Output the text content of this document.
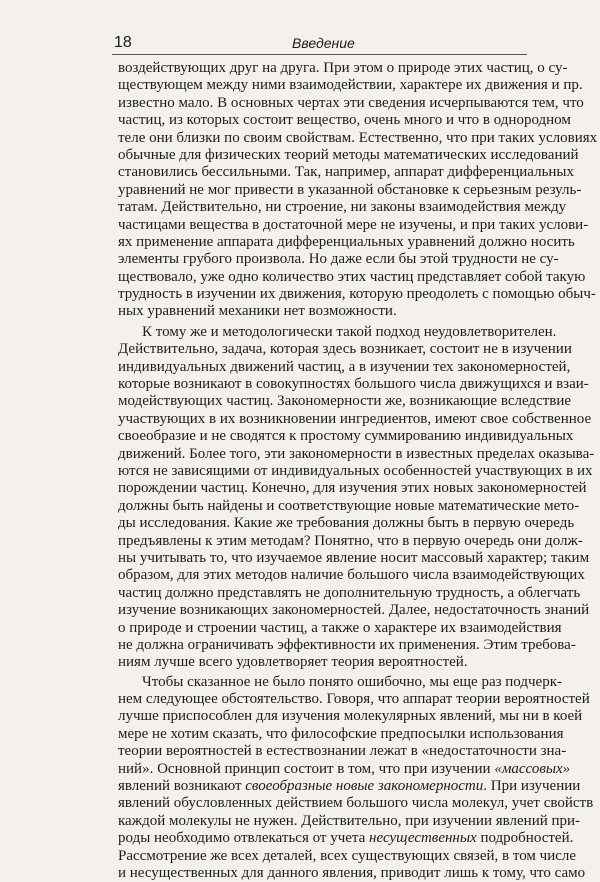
18	Введение
воздействующих друг на друга. При этом о природе этих частиц, о су-
ществующем между ними взаимодействии, характере их движения и пр.
известно мало. В основных чертах эти сведения исчерпываются тем, что
частиц, из которых состоит вещество, очень много и что в однородном
теле они близки по своим свойствам. Естественно, что при таких условиях
обычные для физических теорий методы математических исследований
становились бессильными. Так, например, аппарат дифференциальных
уравнений не мог привести в указанной обстановке к серьезным резуль-
татам. Действительно, ни строение, ни законы взаимодействия между
частицами вещества в достаточной мере не изучены, и при таких услови-
ях применение аппарата дифференциальных уравнений должно носить
элементы грубого произвола. Но даже если бы этой трудности не су-
ществовало, уже одно количество этих частиц представляет собой такую
трудность в изучении их движения, которую преодолеть с помощью обыч-
ных уравнений механики нет возможности.
К тому же и методологически такой подход неудовлетворителен.
Действительно, задача, которая здесь возникает, состоит не в изучении
индивидуальных движений частиц, а в изучении тех закономерностей,
которые возникают в совокупностях большого числа движущихся и взаи-
модействующих частиц. Закономерности же, возникающие вследствие
участвующих в их возникновении ингредиентов, имеют свое собственное
своеобразие и не сводятся к простому суммированию индивидуальных
движений. Более того, эти закономерности в известных пределах оказыва-
ются не зависящими от индивидуальных особенностей участвующих в их
порождении частиц. Конечно, для изучения этих новых закономерностей
должны быть найдены и соответствующие новые математические мето-
ды исследования. Какие же требования должны быть в первую очередь
предъявлены к этим методам? Понятно, что в первую очередь они долж-
ны учитывать то, что изучаемое явление носит массовый характер; таким
образом, для этих методов наличие большого числа взаимодействующих
частиц должно представлять не дополнительную трудность, а облегчать
изучение возникающих закономерностей. Далее, недостаточность знаний
о природе и строении частиц, а также о характере их взаимодействия
не должна ограничивать эффективности их применения. Этим требова-
ниям лучше всего удовлетворяет теория вероятностей.
Чтобы сказанное не было понято ошибочно, мы еще раз подчерк-
нем следующее обстоятельство. Говоря, что аппарат теории вероятностей
лучше приспособлен для изучения молекулярных явлений, мы ни в коей
мере не хотим сказать, что философские предпосылки использования
теории вероятностей в естествознании лежат в «недостаточности зна-
ний». Основной принцип состоит в том, что при изучении «массовых»
явлений возникают своеобразные новые закономерности. При изучении
явлений обусловленных действием большого числа молекул, учет свойств
каждой молекулы не нужен. Действительно, при изучении явлений при-
роды необходимо отвлекаться от учета несущественных подробностей.
Рассмотрение же всех деталей, всех существующих связей, в том числе
и несущественных для данного явления, приводит лишь к тому, что само
